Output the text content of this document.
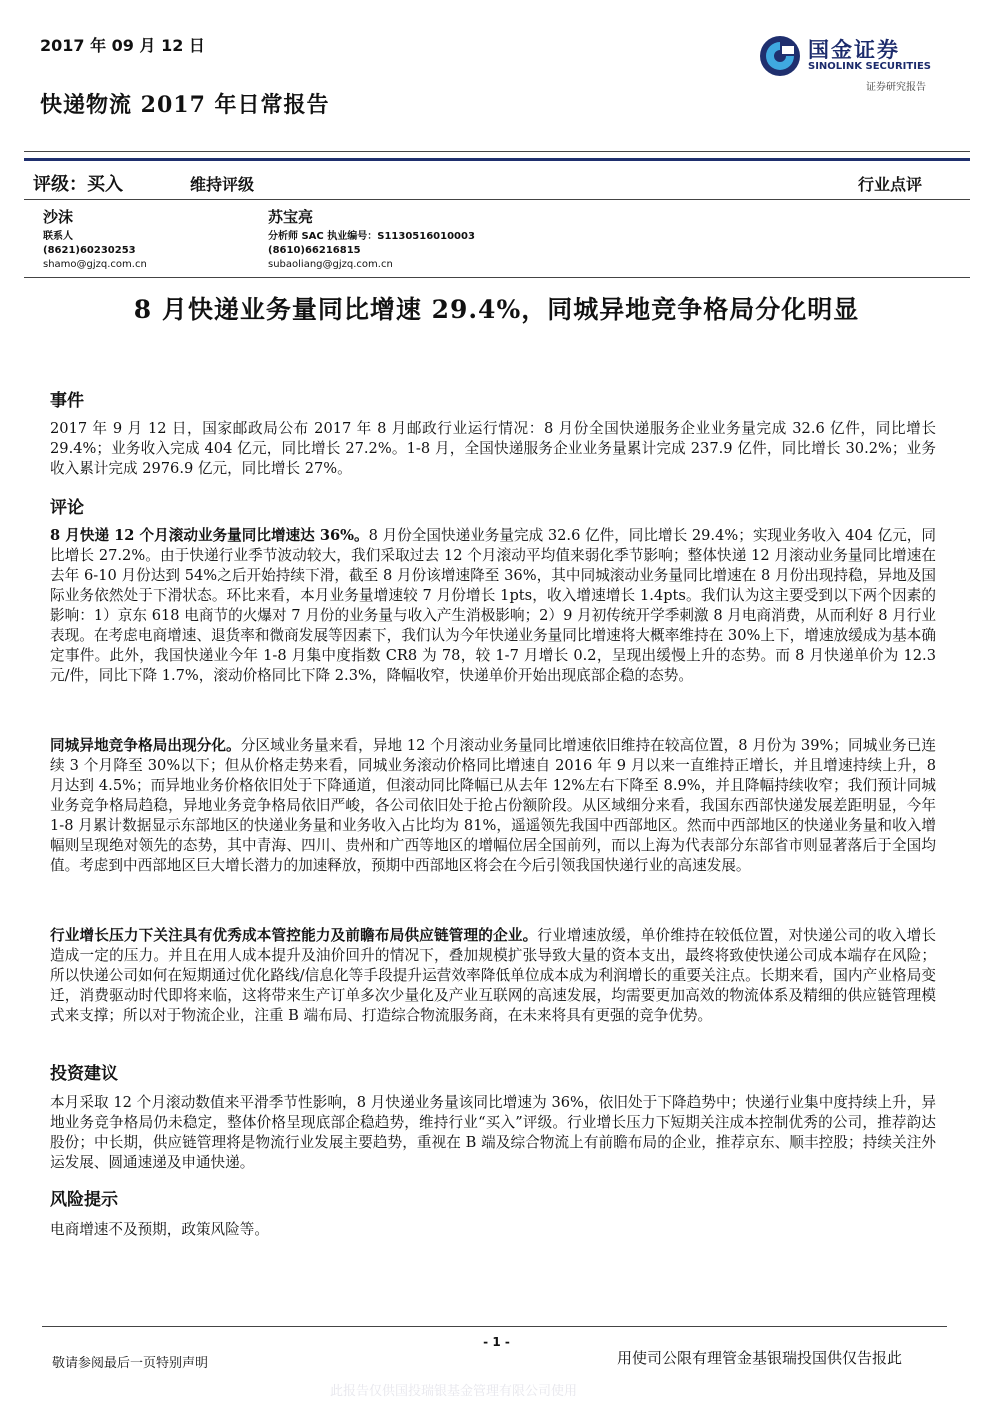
2017 年 09 月 12 日
快递物流 2017 年日常报告
国金证券
SINOLINK SECURITIES
证券研究报告
评级：买入	维持评级	行业点评
沙沫
联系人
(8621)60230253
shamo@gjzq.com.cn
苏宝亮
分析师 SAC 执业编号：S1130516010003
(8610)66216815
subaoliang@gjzq.com.cn
8 月快递业务量同比增速 29.4%，同城异地竞争格局分化明显
事件
2017 年 9 月 12 日，国家邮政局公布 2017 年 8 月邮政行业运行情况：8 月份全国快递服务企业业务量完成 32.6 亿件，同比增长 29.4%；业务收入完成 404 亿元，同比增长 27.2%。1-8 月，全国快递服务企业业务量累计完成 237.9 亿件，同比增长 30.2%；业务收入累计完成 2976.9 亿元，同比增长 27%。
评论
8 月快递 12 个月滚动业务量同比增速达 36%。8 月份全国快递业务量完成 32.6 亿件，同比增长 29.4%；实现业务收入 404 亿元，同比增长 27.2%。由于快递行业季节波动较大，我们采取过去 12 个月滚动平均值来弱化季节影响；整体快递 12 月滚动业务量同比增速在去年 6-10 月份达到 54%之后开始持续下滑，截至 8 月份该增速降至 36%，其中同城滚动业务量同比增速在 8 月份出现持稳，异地及国际业务依然处于下滑状态。环比来看，本月业务量增速较 7 月份增长 1pts，收入增速增长 1.4pts。我们认为这主要受到以下两个因素的影响：1）京东 618 电商节的火爆对 7 月份的业务量与收入产生消极影响；2）9 月初传统开学季刺激 8 月电商消费，从而利好 8 月行业表现。在考虑电商增速、退货率和微商发展等因素下，我们认为今年快递业务量同比增速将大概率维持在 30%上下，增速放缓成为基本确定事件。此外，我国快递业今年 1-8 月集中度指数 CR8 为 78，较 1-7 月增长 0.2，呈现出缓慢上升的态势。而 8 月快递单价为 12.3 元/件，同比下降 1.7%，滚动价格同比下降 2.3%，降幅收窄，快递单价开始出现底部企稳的态势。
同城异地竞争格局出现分化。分区域业务量来看，异地 12 个月滚动业务量同比增速依旧维持在较高位置，8 月份为 39%；同城业务已连续 3 个月降至 30%以下；但从价格走势来看，同城业务滚动价格同比增速自 2016 年 9 月以来一直维持正增长，并且增速持续上升，8 月达到 4.5%；而异地业务价格依旧处于下降通道，但滚动同比降幅已从去年 12%左右下降至 8.9%，并且降幅持续收窄；我们预计同城业务竞争格局趋稳，异地业务竞争格局依旧严峻，各公司依旧处于抢占份额阶段。从区域细分来看，我国东西部快递发展差距明显，今年 1-8 月累计数据显示东部地区的快递业务量和业务收入占比均为 81%，遥遥领先我国中西部地区。然而中西部地区的快递业务量和收入增幅则呈现绝对领先的态势，其中青海、四川、贵州和广西等地区的增幅位居全国前列，而以上海为代表部分东部省市则显著落后于全国均值。考虑到中西部地区巨大增长潜力的加速释放，预期中西部地区将会在今后引领我国快递行业的高速发展。
行业增长压力下关注具有优秀成本管控能力及前瞻布局供应链管理的企业。行业增速放缓，单价维持在较低位置，对快递公司的收入增长造成一定的压力。并且在用人成本提升及油价回升的情况下，叠加规模扩张导致大量的资本支出，最终将致使快递公司成本端存在风险；所以快递公司如何在短期通过优化路线/信息化等手段提升运营效率降低单位成本成为利润增长的重要关注点。长期来看，国内产业格局变迁，消费驱动时代即将来临，这将带来生产订单多次少量化及产业互联网的高速发展，均需要更加高效的物流体系及精细的供应链管理模式来支撑；所以对于物流企业，注重 B 端布局、打造综合物流服务商，在未来将具有更强的竞争优势。
投资建议
本月采取 12 个月滚动数值来平滑季节性影响，8 月快递业务量该同比增速为 36%，依旧处于下降趋势中；快递行业集中度持续上升，异地业务竞争格局仍未稳定，整体价格呈现底部企稳趋势，维持行业“买入”评级。行业增长压力下短期关注成本控制优秀的公司，推荐韵达股份；中长期，供应链管理将是物流行业发展主要趋势，重视在 B 端及综合物流上有前瞻布局的企业，推荐京东、顺丰控股；持续关注外运发展、圆通速递及申通快递。
风险提示
电商增速不及预期，政策风险等。
- 1 -
敬请参阅最后一页特别声明	用使司公限有理管金基银瑞投国供仅告报此
此报告仅供国投瑞银基金管理有限公司使用
